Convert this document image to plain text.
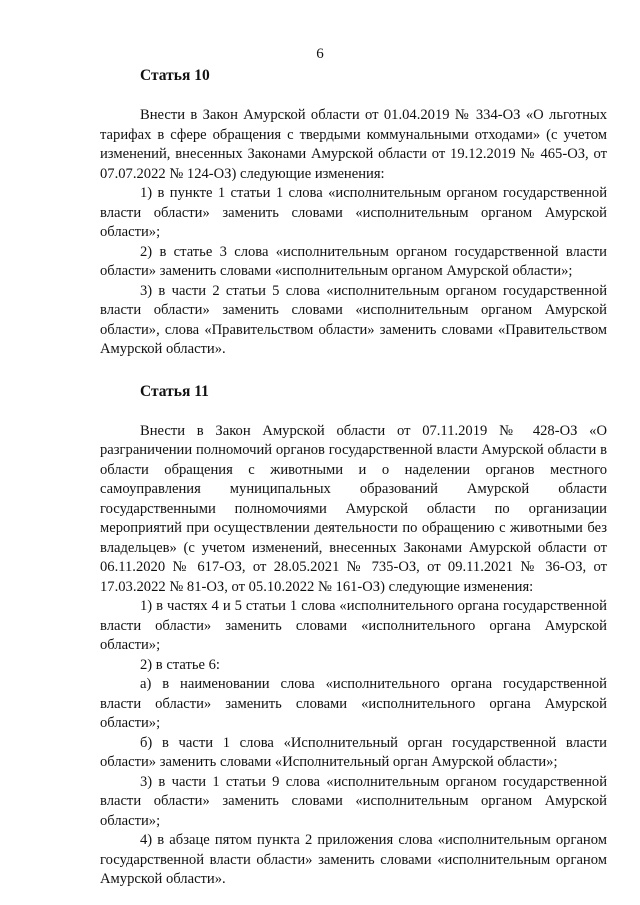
6

Статья 10

Внести в Закон Амурской области от 01.04.2019 № 334-ОЗ «О льготных тарифах в сфере обращения с твердыми коммунальными отходами» (с учетом изменений, внесенных Законами Амурской области от 19.12.2019 № 465-ОЗ, от 07.07.2022 № 124-ОЗ) следующие изменения:

1) в пункте 1 статьи 1 слова «исполнительным органом государственной власти области» заменить словами «исполнительным органом Амурской области»;

2) в статье 3 слова «исполнительным органом государственной власти области» заменить словами «исполнительным органом Амурской области»;

3) в части 2 статьи 5 слова «исполнительным органом государственной власти области» заменить словами «исполнительным органом Амурской области», слова «Правительством области» заменить словами «Правительством Амурской области».

Статья 11

Внести в Закон Амурской области от 07.11.2019 № 428-ОЗ «О разграничении полномочий органов государственной власти Амурской области в области обращения с животными и о наделении органов местного самоуправления муниципальных образований Амурской области государственными полномочиями Амурской области по организации мероприятий при осуществлении деятельности по обращению с животными без владельцев» (с учетом изменений, внесенных Законами Амурской области от 06.11.2020 № 617-ОЗ, от 28.05.2021 № 735-ОЗ, от 09.11.2021 № 36-ОЗ, от 17.03.2022 № 81-ОЗ, от 05.10.2022 № 161-ОЗ) следующие изменения:

1) в частях 4 и 5 статьи 1 слова «исполнительного органа государственной власти области» заменить словами «исполнительного органа Амурской области»;

2) в статье 6:

а) в наименовании слова «исполнительного органа государственной власти области» заменить словами «исполнительного органа Амурской области»;

б) в части 1 слова «Исполнительный орган государственной власти области» заменить словами «Исполнительный орган Амурской области»;

3) в части 1 статьи 9 слова «исполнительным органом государственной власти области» заменить словами «исполнительным органом Амурской области»;

4) в абзаце пятом пункта 2 приложения слова «исполнительным органом государственной власти области» заменить словами «исполнительным органом Амурской области».
